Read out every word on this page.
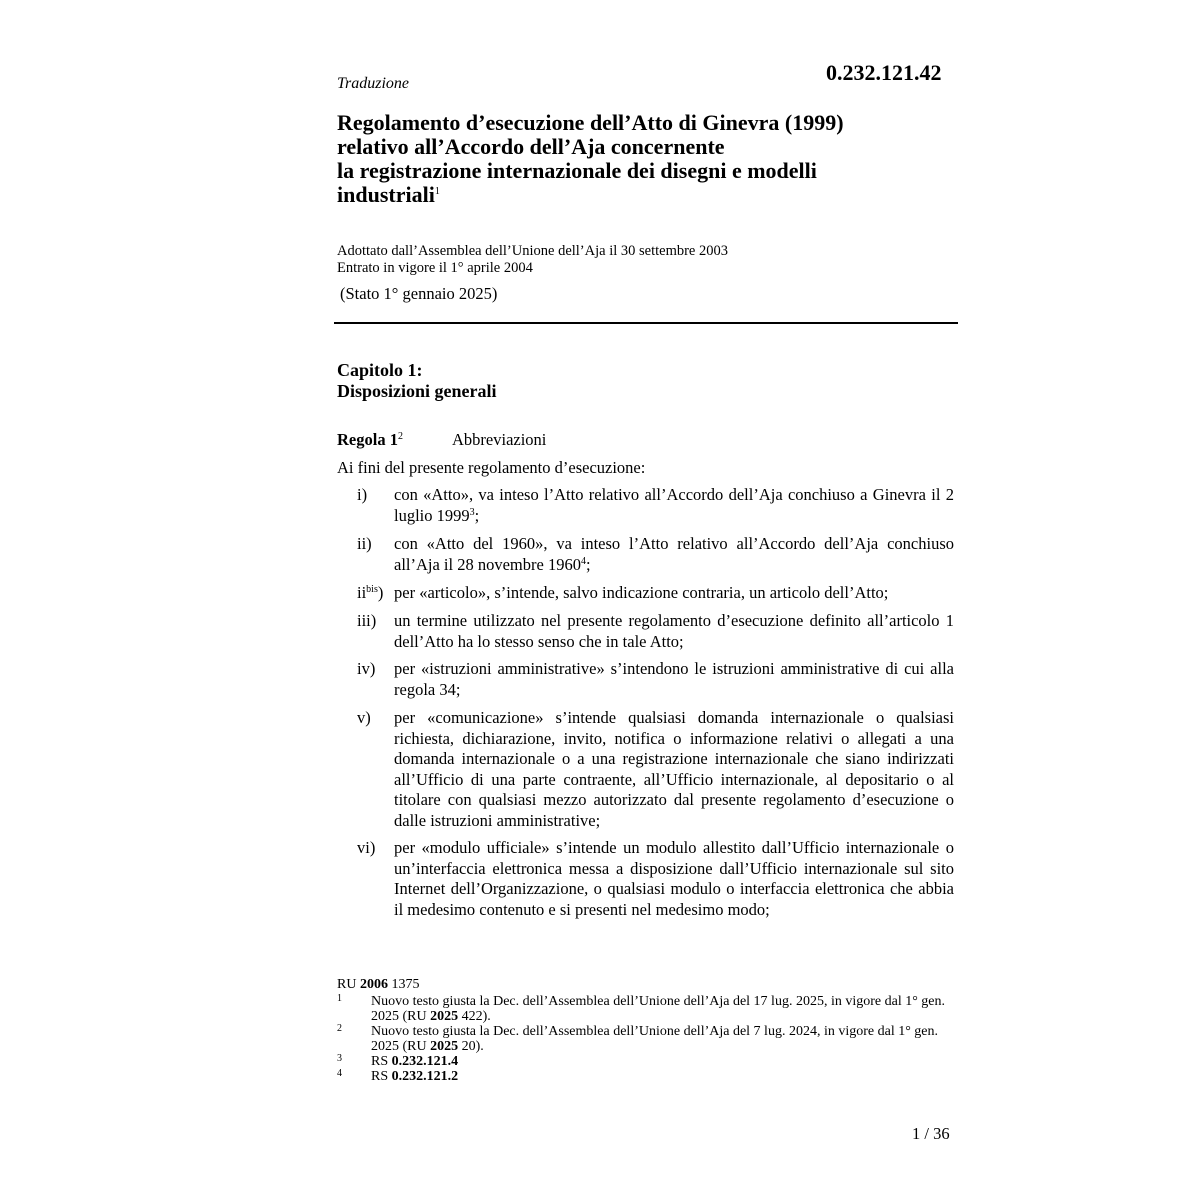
Traduzione	0.232.121.42
Regolamento d’esecuzione dell’Atto di Ginevra (1999)
relativo all’Accordo dell’Aja concernente
la registrazione internazionale dei disegni e modelli
industriali$^1$
Adottato dall’Assemblea dell’Unione dell’Aja il 30 settembre 2003
Entrato in vigore il 1° aprile 2004
(Stato 1° gennaio 2025)
Capitolo 1:
Disposizioni generali
Regola $1^2$	Abbreviazioni
Ai fini del presente regolamento d’esecuzione:
i) con «Atto», va inteso l’Atto relativo all’Accordo dell’Aja conchiuso a Ginevra il 2 luglio 1999$^3$;
ii) con «Atto del 1960», va inteso l’Atto relativo all’Accordo dell’Aja conchiuso all’Aja il 28 novembre 1960$^4$;
$ii^{bis}$) per «articolo», s’intende, salvo indicazione contraria, un articolo dell’Atto;
iii) un termine utilizzato nel presente regolamento d’esecuzione definito all’articolo 1 dell’Atto ha lo stesso senso che in tale Atto;
iv) per «istruzioni amministrative» s’intendono le istruzioni amministrative di cui alla regola 34;
v) per «comunicazione» s’intende qualsiasi domanda internazionale o qualsiasi richiesta, dichiarazione, invito, notifica o informazione relativi o allegati a una domanda internazionale o a una registrazione internazionale che siano indirizzati all’Ufficio di una parte contraente, all’Ufficio internazionale, al depositario o al titolare con qualsiasi mezzo autorizzato dal presente regolamento d’esecuzione o dalle istruzioni amministrative;
vi) per «modulo ufficiale» s’intende un modulo allestito dall’Ufficio internazionale o un’interfaccia elettronica messa a disposizione dall’Ufficio internazionale sul sito Internet dell’Organizzazione, o qualsiasi modulo o interfaccia elettronica che abbia il medesimo contenuto e si presenti nel medesimo modo;
RU 2006 1375
1 Nuovo testo giusta la Dec. dell’Assemblea dell’Unione dell’Aja del 17 lug. 2025, in vigore dal 1° gen. 2025 (RU 2025 422).
2 Nuovo testo giusta la Dec. dell’Assemblea dell’Unione dell’Aja del 7 lug. 2024, in vigore dal 1° gen. 2025 (RU 2025 20).
3 RS 0.232.121.4
4 RS 0.232.121.2
1 / 36
